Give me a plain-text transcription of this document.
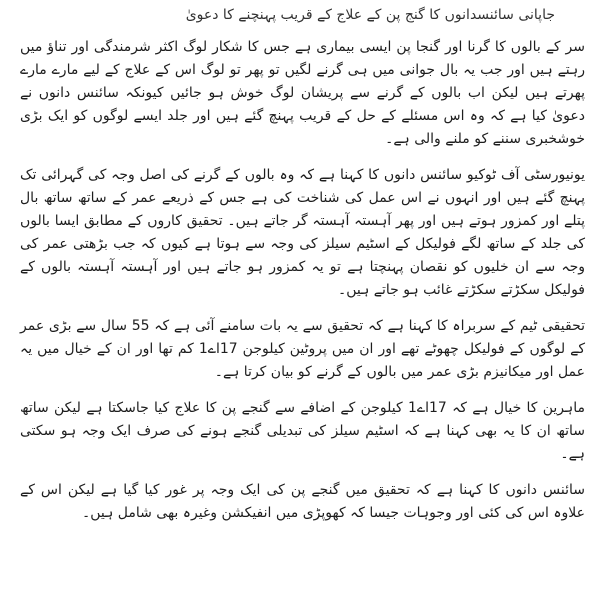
جاپانی سائنسدانوں کا گنج پن کے علاج کے قریب پہنچنے کا دعویٰ

سر کے بالوں کا گرنا اور گنجا پن ایسی بیماری ہے جس کا شکار لوگ اکثر شرمندگی اور تناؤ میں رہتے ہیں اور جب یہ بال جوانی میں ہی گرنے لگیں تو پھر تو لوگ اس کے علاج کے لیے مارے مارے پھرتے ہیں لیکن اب بالوں کے گرنے سے پریشان لوگ خوش ہو جائیں کیونکہ سائنس دانوں نے دعویٰ کیا ہے کہ وہ اس مسئلے کے حل کے قریب پہنچ گئے ہیں اور جلد ایسے لوگوں کو ایک بڑی خوشخبری سننے کو ملنے والی ہے۔

یونیورسٹی آف ٹوکیو سائنس دانوں کا کہنا ہے کہ وہ بالوں کے گرنے کی اصل وجہ کی گہرائی تک پہنچ گئے ہیں اور انہوں نے اس عمل کی شناخت کی ہے جس کے ذریعے عمر کے ساتھ ساتھ بال پتلے اور کمزور ہوتے ہیں اور پھر آہستہ آہستہ گر جاتے ہیں۔ تحقیق کاروں کے مطابق ایسا بالوں کی جلد کے ساتھ لگے فولیکل کے اسٹیم سیلز کی وجہ سے ہوتا ہے کیوں کہ جب بڑھتی عمر کی وجہ سے ان خلیوں کو نقصان پہنچتا ہے تو یہ کمزور ہو جاتے ہیں اور آہستہ آہستہ بالوں کے فولیکل سکڑتے سکڑتے غائب ہو جاتے ہیں۔

تحقیقی ٹیم کے سربراہ کا کہنا ہے کہ تحقیق سے یہ بات سامنے آئی ہے کہ 55 سال سے بڑی عمر کے لوگوں کے فولیکل چھوٹے تھے اور ان میں پروٹین کیلوجن 17اے1 کم تھا اور ان کے خیال میں یہ عمل اور میکانیزم بڑی عمر میں بالوں کے گرنے کو بیان کرتا ہے۔

ماہرین کا خیال ہے کہ 17اے1 کیلوجن کے اضافے سے گنجے پن کا علاج کیا جاسکتا ہے لیکن ساتھ ساتھ ان کا یہ بھی کہنا ہے کہ اسٹیم سیلز کی تبدیلی گنجے ہونے کی صرف ایک وجہ ہو سکتی ہے۔

سائنس دانوں کا کہنا ہے کہ تحقیق میں گنجے پن کی ایک وجہ پر غور کیا گیا ہے لیکن اس کے علاوہ اس کی کئی اور وجوہات جیسا کہ کھوپڑی میں انفیکشن وغیرہ بھی شامل ہیں۔
